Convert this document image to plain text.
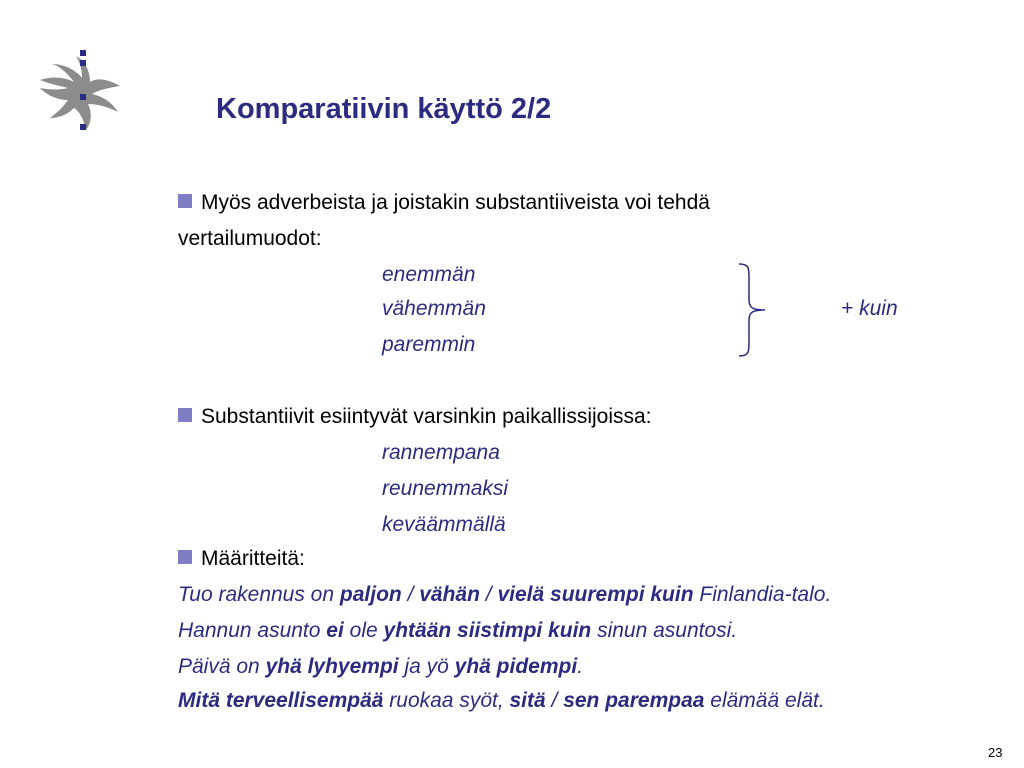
Komparatiivin käyttö 2/2
Myös adverbeista ja joistakin substantiiveista voi tehdä
vertailumuodot:
enemmän
vähemmän
paremmin
+ kuin
Substantiivit esiintyvät varsinkin paikallissijoissa:
rannempana
reunemmaksi
keväämmällä
Määritteitä:
Tuo rakennus on paljon / vähän / vielä suurempi kuin Finlandia-talo.
Hannun asunto ei ole yhtään siistimpi kuin sinun asuntosi.
Päivä on yhä lyhyempi ja yö yhä pidempi.
Mitä terveellisempää ruokaa syöt, sitä / sen parempaa elämää elät.
23
